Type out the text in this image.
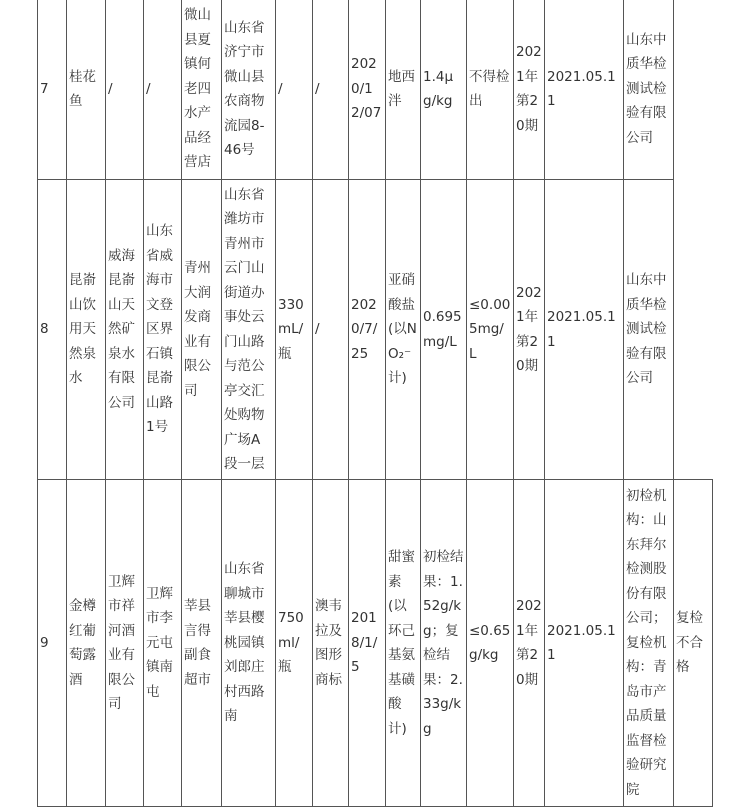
7	桂花鱼	/	/	微山县夏镇何老四水产品经营店	山东省济宁市微山县农商物流园8-46号	/	/	2020/12/07	地西泮	1.4μg/kg	不得检出	2021年第20期	2021.05.11	山东中质华检测试检验有限公司	
8	昆嵛山饮用天然泉水	威海昆嵛山天然矿泉水有限公司	山东省威海市文登区界石镇昆嵛山路1号	青州大润发商业有限公司	山东省潍坊市青州市云门山街道办事处云门山路与范公亭交汇处购物广场A段一层	330mL/瓶	/	2020/7/25	亚硝酸盐(以NO₂⁻计)	0.695mg/L	≤0.005mg/L	2021年第20期	2021.05.11	山东中质华检测试检验有限公司	
9	金樽红葡萄露酒	卫辉市祥河酒业有限公司	卫辉市李元屯镇南屯	莘县言得副食超市	山东省聊城市莘县樱桃园镇刘郎庄村西路南	750ml/瓶	澳韦拉及图形商标	2018/1/5	甜蜜素(以环己基氨基磺酸计)	初检结果：1.52g/kg；复检结果：2.33g/kg	≤0.65g/kg	2021年第20期	2021.05.11	初检机构：山东拜尔检测股份有限公司；复检机构：青岛市产品质量监督检验研究院	复检不合格
